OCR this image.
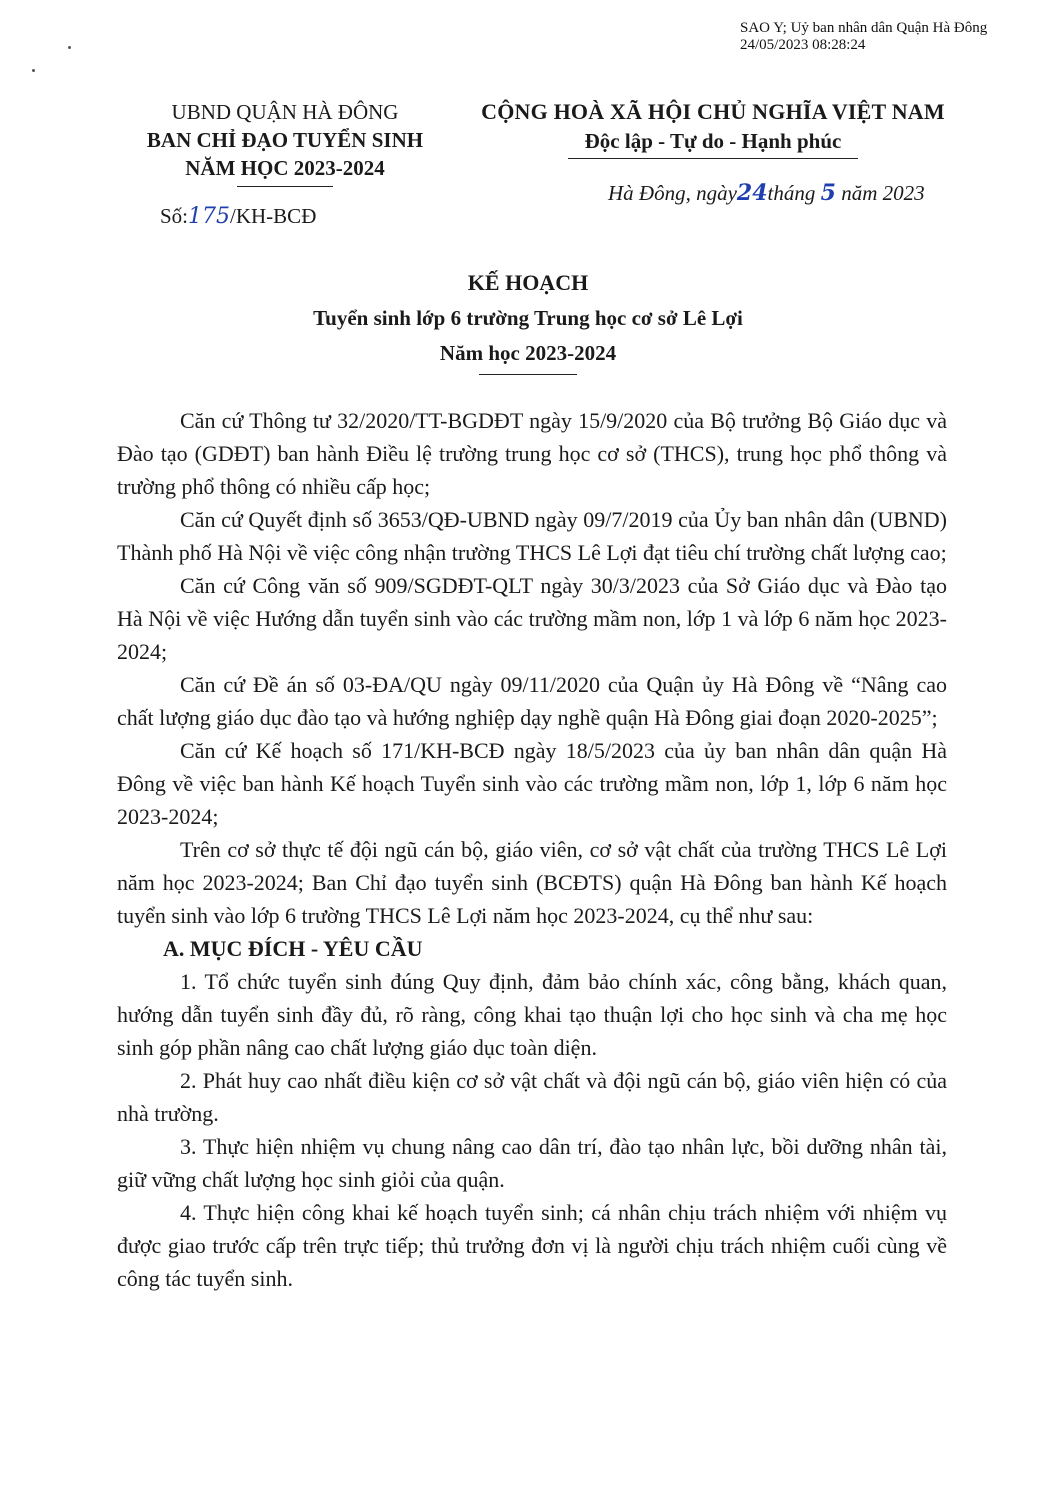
SAO Y; Uỷ ban nhân dân Quận Hà Đông
24/05/2023 08:28:24
UBND QUẬN HÀ ĐÔNG
BAN CHỈ ĐẠO TUYỂN SINH
NĂM HỌC 2023-2024
CỘNG HOÀ XÃ HỘI CHỦ NGHĨA VIỆT NAM
Độc lập - Tự do - Hạnh phúc
Số:175/KH-BCĐ
Hà Đông, ngày24tháng 5 năm 2023
KẾ HOẠCH
Tuyển sinh lớp 6 trường Trung học cơ sở Lê Lợi
Năm học 2023-2024

Căn cứ Thông tư 32/2020/TT-BGDĐT ngày 15/9/2020 của Bộ trưởng Bộ Giáo dục và Đào tạo (GDĐT) ban hành Điều lệ trường trung học cơ sở (THCS), trung học phổ thông và trường phổ thông có nhiều cấp học;

Căn cứ Quyết định số 3653/QĐ-UBND ngày 09/7/2019 của Ủy ban nhân dân (UBND) Thành phố Hà Nội về việc công nhận trường THCS Lê Lợi đạt tiêu chí trường chất lượng cao;

Căn cứ Công văn số 909/SGDĐT-QLT ngày 30/3/2023 của Sở Giáo dục và Đào tạo Hà Nội về việc Hướng dẫn tuyển sinh vào các trường mầm non, lớp 1 và lớp 6 năm học 2023-2024;

Căn cứ Đề án số 03-ĐA/QU ngày 09/11/2020 của Quận ủy Hà Đông về “Nâng cao chất lượng giáo dục đào tạo và hướng nghiệp dạy nghề quận Hà Đông giai đoạn 2020-2025”;

Căn cứ Kế hoạch số 171/KH-BCĐ ngày 18/5/2023 của ủy ban nhân dân quận Hà Đông về việc ban hành Kế hoạch Tuyển sinh vào các trường mầm non, lớp 1, lớp 6 năm học 2023-2024;

Trên cơ sở thực tế đội ngũ cán bộ, giáo viên, cơ sở vật chất của trường THCS Lê Lợi năm học 2023-2024; Ban Chỉ đạo tuyển sinh (BCĐTS) quận Hà Đông ban hành Kế hoạch tuyển sinh vào lớp 6 trường THCS Lê Lợi năm học 2023-2024, cụ thể như sau:

A. MỤC ĐÍCH - YÊU CẦU

1. Tổ chức tuyển sinh đúng Quy định, đảm bảo chính xác, công bằng, khách quan, hướng dẫn tuyển sinh đầy đủ, rõ ràng, công khai tạo thuận lợi cho học sinh và cha mẹ học sinh góp phần nâng cao chất lượng giáo dục toàn diện.

2. Phát huy cao nhất điều kiện cơ sở vật chất và đội ngũ cán bộ, giáo viên hiện có của nhà trường.

3. Thực hiện nhiệm vụ chung nâng cao dân trí, đào tạo nhân lực, bồi dưỡng nhân tài, giữ vững chất lượng học sinh giỏi của quận.

4. Thực hiện công khai kế hoạch tuyển sinh; cá nhân chịu trách nhiệm với nhiệm vụ được giao trước cấp trên trực tiếp; thủ trưởng đơn vị là người chịu trách nhiệm cuối cùng về công tác tuyển sinh.
